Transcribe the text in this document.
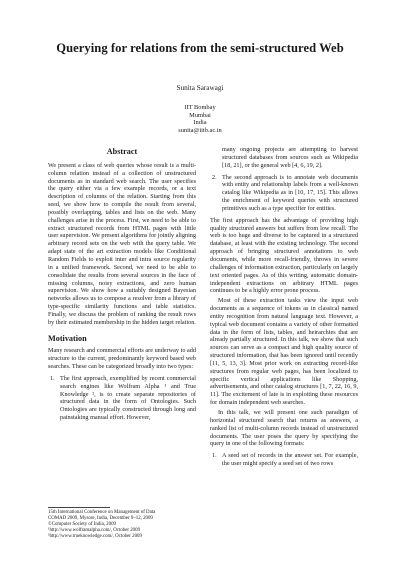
Querying for relations from the semi-structured Web
Sunita Sarawagi
IIT Bombay
Mumbai
India
sunita@iitb.ac.in
Abstract

We present a class of web queries whose result is a multi-column relation instead of a collection of unstructured documents as in standard web search. The user specifies the query either via a few example records, or a text description of columns of the relation. Starting from this seed, we show how to compile the result from several, possibly overlapping, tables and lists on the web. Many challenges arise in the process. First, we need to be able to extract structured records from HTML pages with little user supervision. We present algorithms for jointly aligning arbitrary record sets on the web with the query table. We adapt state of the art extraction models like Conditional Random Fields to exploit inter and intra source regularity in a unified framework. Second, we need to be able to consolidate the results from several sources in the face of missing columns, noisy extractions, and zero human supervision. We show how a suitably designed Bayesian networks allows us to compose a resolver from a library of type-specific similarity functions and table statistics. Finally, we discuss the problem of ranking the result rows by their estimated membership in the hidden target relation.

Motivation

Many research and commercial efforts are underway to add structure to the current, predominantly keyword based web searches. These can be categorized broadly into two types:

1. The first approach, exemplified by recent commercial search engines like Wolfram Alpha ¹ and True Knowledge ², is to create separate repositories of structured data in the form of Ontologies. Such Ontologies are typically constructed through long and painstaking manual effort. However,

many ongoing projects are attempting to harvest structured databases from sources such as Wikipedia [18, 21], or the general web [4, 6, 19, 2].

2. The second approach is to annotate web documents with entity and relationship labels from a well-known catalog like Wikipedia as in [10, 17, 15]. This allows the enrichment of keyword queries with structured primitives such as a type specifier for entities.

The first approach has the advantage of providing high quality structured answers but suffers from low recall. The web is too huge and diverse to be captured in a structured database, at least with the existing technology. The second approach of bringing structured annotations to web documents, while more recall-friendly, throws in severe challenges of information extraction, particularly on largely text oriented pages. As of this writing, automatic domain-independent extractions on arbitrary HTML pages continues to be a highly error prone process.

Most of these extraction tasks view the input web documents as a sequence of tokens as in classical named entity recognition from natural language text. However, a typical web document contains a variety of other formatted data in the form of lists, tables, and heirarchies that are already partially structured. In this talk, we show that such sources can serve as a compact and high quality source of structured information, that has been ignored until recently [11, 5, 13, 3]. Most prior work on extracting record-like structures from regular web pages, has been localized to specific vertical applications like Shopping, advertisements, and other catalog structures [1, 7, 22, 16, 9, 11]. The excitement of late is in exploiting these resources for domain independent web searches.

In this talk, we will present one such paradigm of horizontal structured search that returns as answers, a ranked list of multi-column records instead of unstructured documents. The user poses the query by specifying the query in one of the following formats:

1. A seed set of records in the answer set. For example, the user might specify a seed set of two rows
15th International Conference on Management of Data
COMAD 2009, Mysore, India, December 9–12, 2009
©Computer Society of India, 2009
¹http://www.wolframalpha.com/, October 2009
²http://www.trueknowledge.com/, October 2009
